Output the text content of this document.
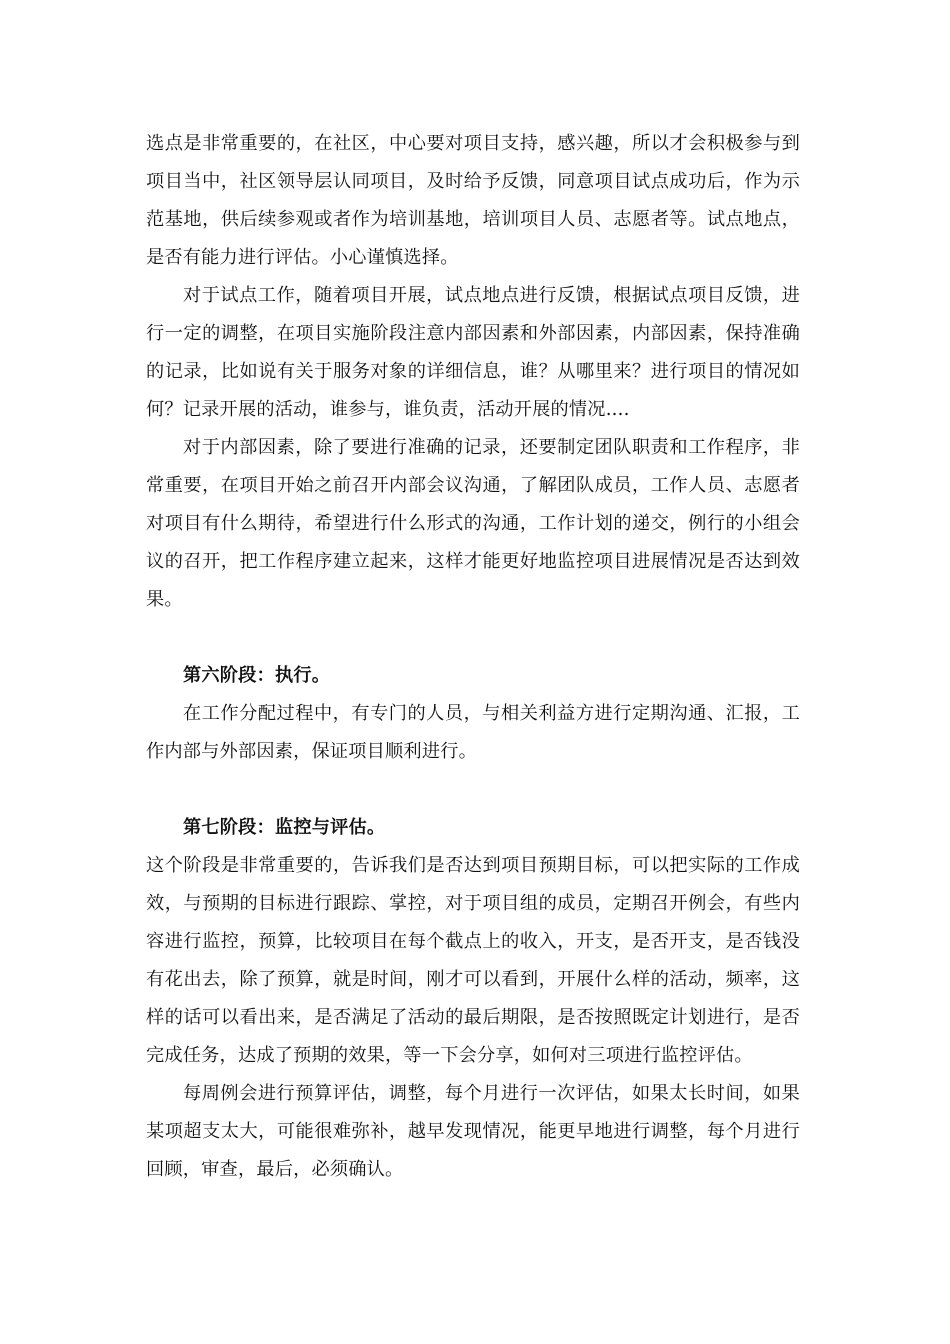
选点是非常重要的，在社区，中心要对项目支持，感兴趣，所以才会积极参与到项目当中，社区领导层认同项目，及时给予反馈，同意项目试点成功后，作为示范基地，供后续参观或者作为培训基地，培训项目人员、志愿者等。试点地点，是否有能力进行评估。小心谨慎选择。

对于试点工作，随着项目开展，试点地点进行反馈，根据试点项目反馈，进行一定的调整，在项目实施阶段注意内部因素和外部因素，内部因素，保持准确的记录，比如说有关于服务对象的详细信息，谁？从哪里来？进行项目的情况如何？记录开展的活动，谁参与，谁负责，活动开展的情况....

对于内部因素，除了要进行准确的记录，还要制定团队职责和工作程序，非常重要，在项目开始之前召开内部会议沟通，了解团队成员，工作人员、志愿者对项目有什么期待，希望进行什么形式的沟通，工作计划的递交，例行的小组会议的召开，把工作程序建立起来，这样才能更好地监控项目进展情况是否达到效果。

第六阶段：执行。

在工作分配过程中，有专门的人员，与相关利益方进行定期沟通、汇报，工作内部与外部因素，保证项目顺利进行。

第七阶段：监控与评估。

这个阶段是非常重要的，告诉我们是否达到项目预期目标，可以把实际的工作成效，与预期的目标进行跟踪、掌控，对于项目组的成员，定期召开例会，有些内容进行监控，预算，比较项目在每个截点上的收入，开支，是否开支，是否钱没有花出去，除了预算，就是时间，刚才可以看到，开展什么样的活动，频率，这样的话可以看出来，是否满足了活动的最后期限，是否按照既定计划进行，是否完成任务，达成了预期的效果，等一下会分享，如何对三项进行监控评估。

每周例会进行预算评估，调整，每个月进行一次评估，如果太长时间，如果某项超支太大，可能很难弥补，越早发现情况，能更早地进行调整，每个月进行回顾，审查，最后，必须确认。
